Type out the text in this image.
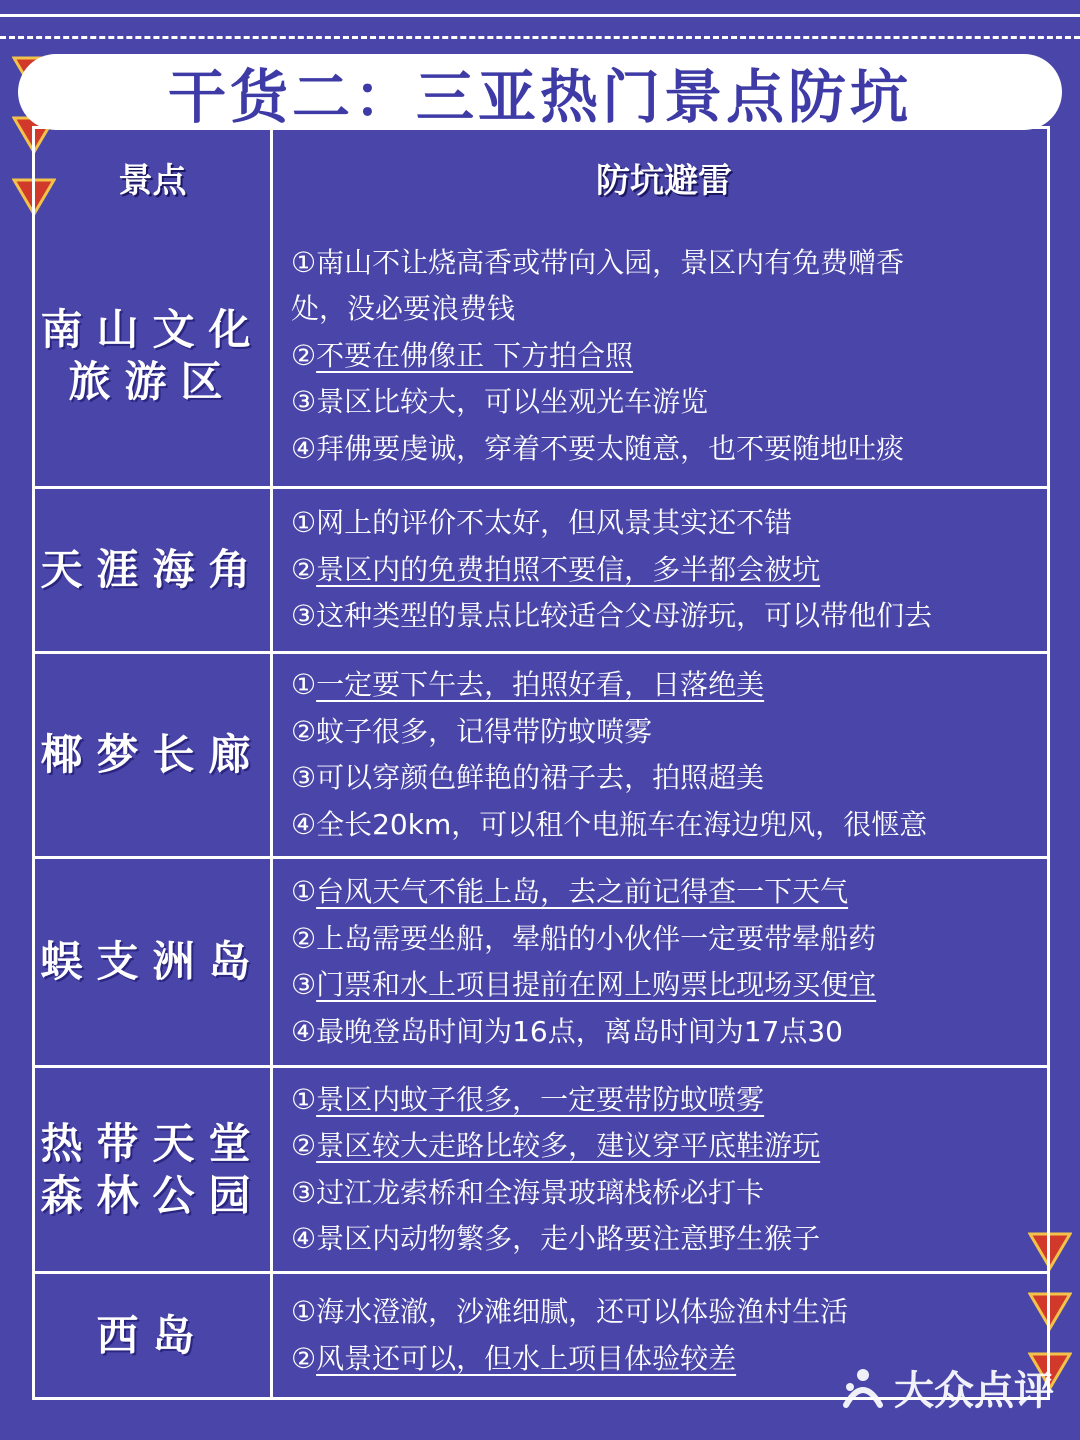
干货二：三亚热门景点防坑
景点	防坑避雷
南山文化
旅游区
①南山不让烧高香或带向入园，景区内有免费赠香
处，没必要浪费钱
②不要在佛像正 下方拍合照
③景区比较大，可以坐观光车游览
④拜佛要虔诚，穿着不要太随意，也不要随地吐痰
天涯海角
①网上的评价不太好，但风景其实还不错
②景区内的免费拍照不要信，多半都会被坑
③这种类型的景点比较适合父母游玩，可以带他们去
椰梦长廊
①一定要下午去，拍照好看，日落绝美
②蚊子很多，记得带防蚊喷雾
③可以穿颜色鲜艳的裙子去，拍照超美
④全长20km，可以租个电瓶车在海边兜风，很惬意
蜈支洲岛
①台风天气不能上岛，去之前记得查一下天气
②上岛需要坐船，晕船的小伙伴一定要带晕船药
③门票和水上项目提前在网上购票比现场买便宜
④最晚登岛时间为16点，离岛时间为17点30
热带天堂
森林公园
①景区内蚊子很多，一定要带防蚊喷雾
②景区较大走路比较多，建议穿平底鞋游玩
③过江龙索桥和全海景玻璃栈桥必打卡
④景区内动物繁多，走小路要注意野生猴子
西岛	①海水澄澈，沙滩细腻，还可以体验渔村生活
②风景还可以，但水上项目体验较差
大众点评
